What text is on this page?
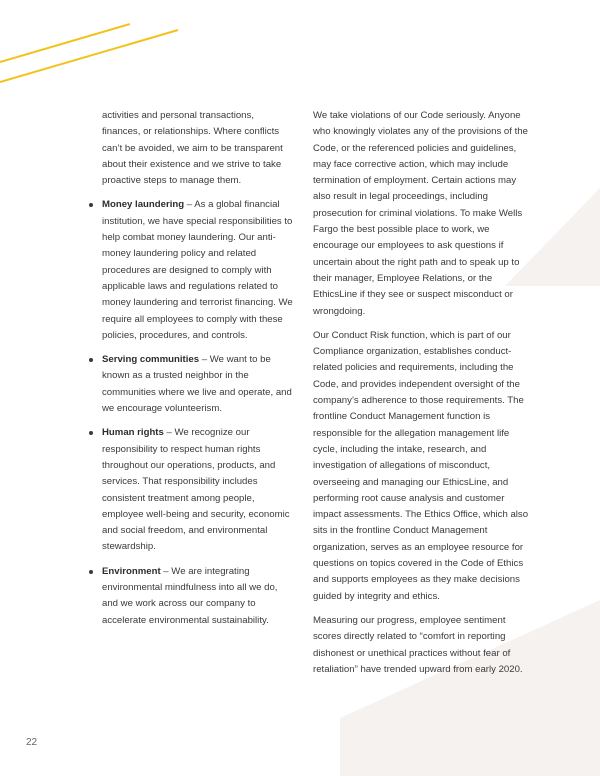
activities and personal transactions, finances, or relationships. Where conflicts can’t be avoided, we aim to be transparent about their existence and we strive to take proactive steps to manage them.

Money laundering – As a global financial institution, we have special responsibilities to help combat money laundering. Our anti-money laundering policy and related procedures are designed to comply with applicable laws and regulations related to money laundering and terrorist financing. We require all employees to comply with these policies, procedures, and controls.
Serving communities – We want to be known as a trusted neighbor in the communities where we live and operate, and we encourage volunteerism.
Human rights – We recognize our responsibility to respect human rights throughout our operations, products, and services. That responsibility includes consistent treatment among people, employee well-being and security, economic and social freedom, and environmental stewardship.
Environment – We are integrating environmental mindfulness into all we do, and we work across our company to accelerate environmental sustainability.

We take violations of our Code seriously. Anyone who knowingly violates any of the provisions of the Code, or the referenced policies and guidelines, may face corrective action, which may include termination of employment. Certain actions may also result in legal proceedings, including prosecution for criminal violations. To make Wells Fargo the best possible place to work, we encourage our employees to ask questions if uncertain about the right path and to speak up to their manager, Employee Relations, or the EthicsLine if they see or suspect misconduct or wrongdoing.

Our Conduct Risk function, which is part of our Compliance organization, establishes conduct-related policies and requirements, including the Code, and provides independent oversight of the company’s adherence to those requirements. The frontline Conduct Management function is responsible for the allegation management life cycle, including the intake, research, and investigation of allegations of misconduct, overseeing and managing our EthicsLine, and performing root cause analysis and customer impact assessments. The Ethics Office, which also sits in the frontline Conduct Management organization, serves as an employee resource for questions on topics covered in the Code of Ethics and supports employees as they make decisions guided by integrity and ethics.

Measuring our progress, employee sentiment scores directly related to “comfort in reporting dishonest or unethical practices without fear of retaliation” have trended upward from early 2020.

22
